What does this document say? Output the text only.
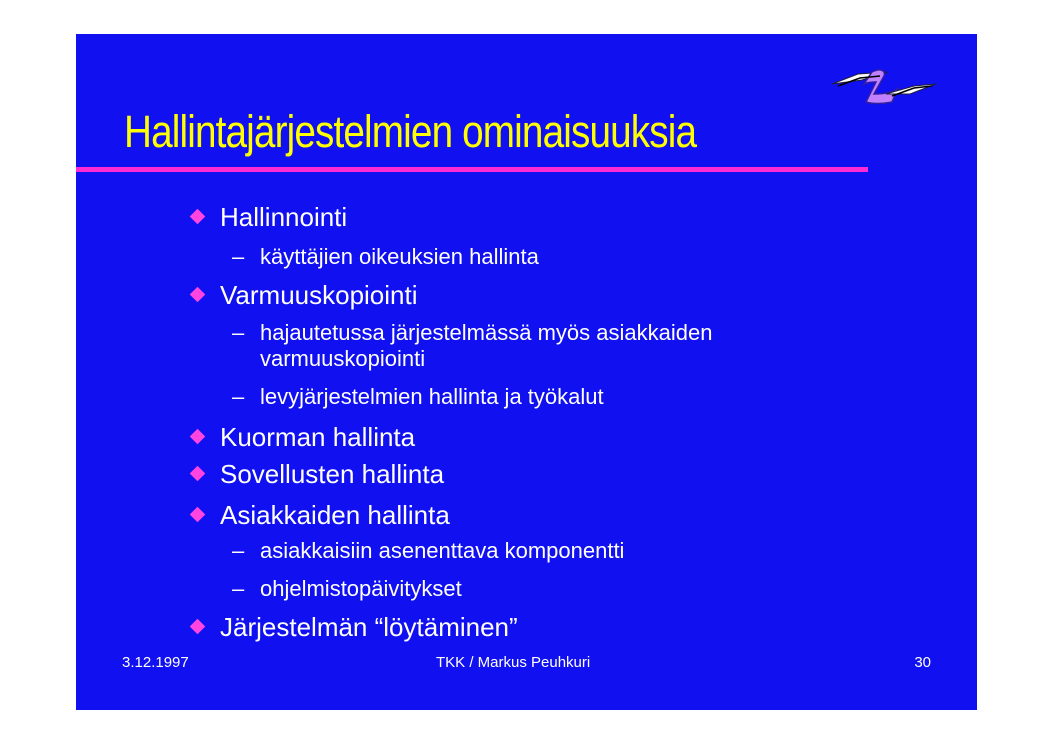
Hallintajärjestelmien ominaisuuksia
Hallinnointi
– käyttäjien oikeuksien hallinta
Varmuuskopiointi
– hajautetussa järjestelmässä myös asiakkaiden
varmuuskopiointi
– levyjärjestelmien hallinta ja työkalut
Kuorman hallinta
Sovellusten hallinta
Asiakkaiden hallinta
– asiakkaisiin asenenttava komponentti
– ohjelmistopäivitykset
Järjestelmän “löytäminen”
3.12.1997	TKK / Markus Peuhkuri	30
